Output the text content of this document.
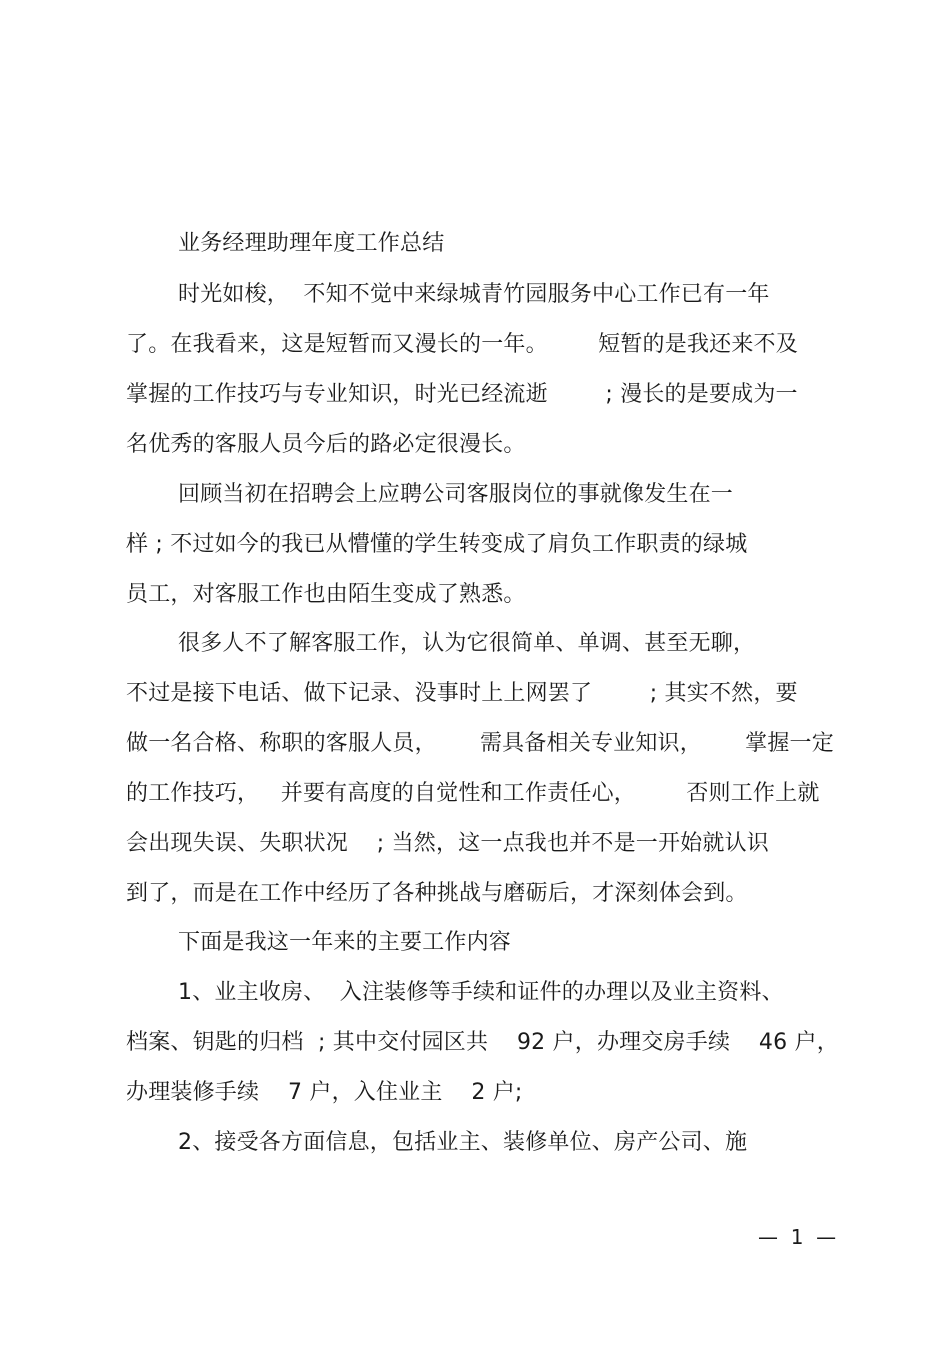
业务经理助理年度工作总结
时光如梭，  不知不觉中来绿城青竹园服务中心工作已有一年
了。在我看来，这是短暂而又漫长的一年。       短暂的是我还来不及
掌握的工作技巧与专业知识，时光已经流逝        ; 漫长的是要成为一
名优秀的客服人员今后的路必定很漫长。
回顾当初在招聘会上应聘公司客服岗位的事就像发生在一
样 ; 不过如今的我已从懵懂的学生转变成了肩负工作职责的绿城
员工，对客服工作也由陌生变成了熟悉。
很多人不了解客服工作，认为它很简单、单调、甚至无聊，
不过是接下电话、做下记录、没事时上上网罢了        ; 其实不然，要
做一名合格、称职的客服人员，      需具备相关专业知识，      掌握一定
的工作技巧，   并要有高度的自觉性和工作责任心，       否则工作上就
会出现失误、失职状况    ; 当然，这一点我也并不是一开始就认识
到了，而是在工作中经历了各种挑战与磨砺后，才深刻体会到。
下面是我这一年来的主要工作内容
1、业主收房、  入注装修等手续和证件的办理以及业主资料、
档案、钥匙的归档  ; 其中交付园区共    92 户，办理交房手续    46 户，
办理装修手续    7 户，入住业主    2 户;
2、接受各方面信息，包括业主、装修单位、房产公司、施
—  1  —
